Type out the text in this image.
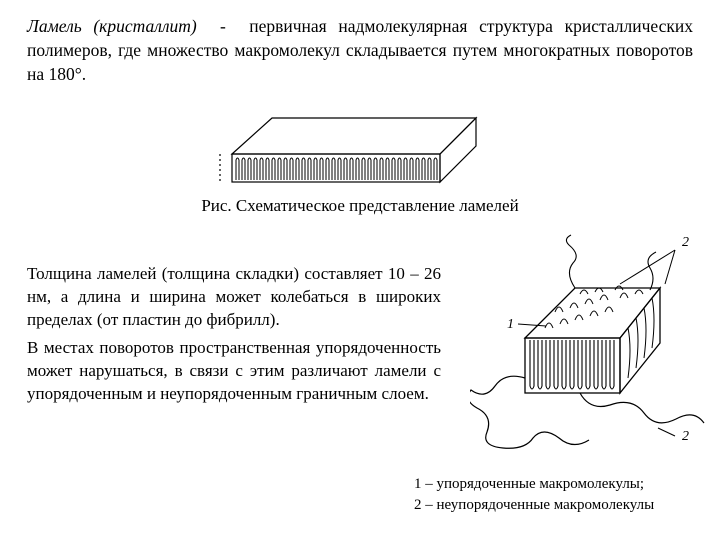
Ламель (кристаллит) - первичная надмолекулярная структура кристаллических полимеров, где множество макромолекул складывается путем многократных поворотов на 180°.
Рис. Схематическое представление ламелей

Толщина ламелей (толщина складки) составляет 10 – 26 нм, а длина и ширина может колебаться в широких пределах (от пластин до фибрилл).

В местах поворотов пространственная упорядоченность может нарушаться, в связи с этим различают ламели с упорядоченным и неупорядоченным граничным слоем.

1
2
2
1 – упорядоченные макромолекулы;
2 – неупорядоченные макромолекулы
